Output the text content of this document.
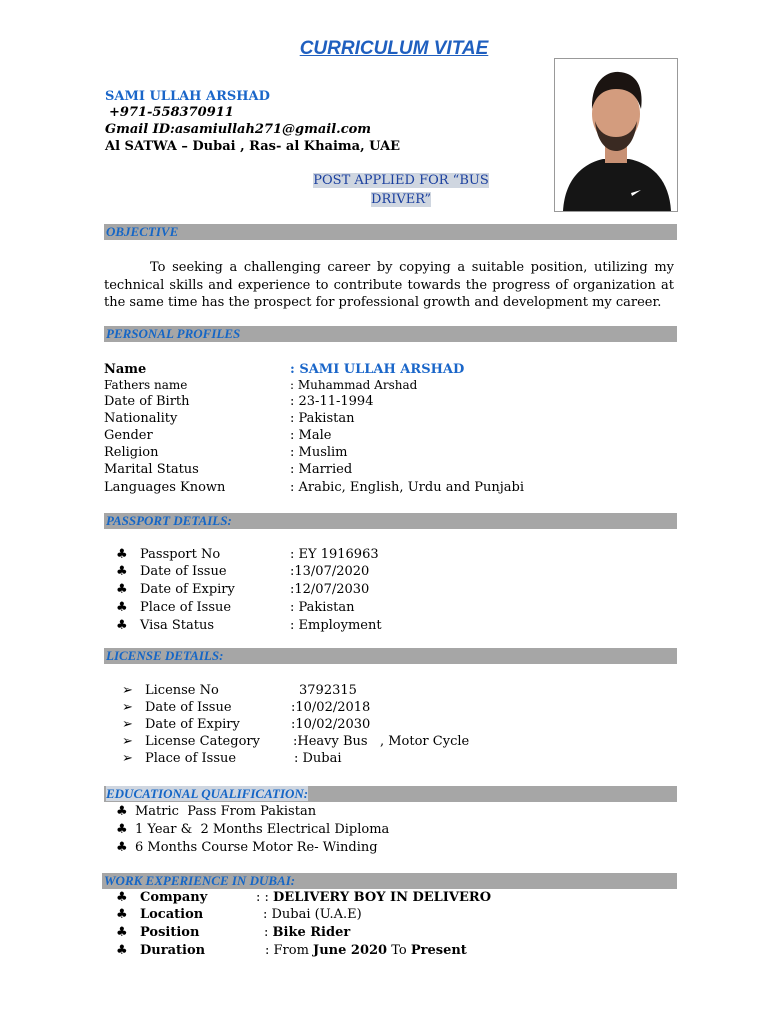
CURRICULUM VITAE
SAMI ULLAH ARSHAD
+971-558370911
Gmail ID:asamiullah271@gmail.com
Al SATWA – Dubai , Ras- al Khaima, UAE
POST APPLIED FOR “BUS
DRIVER”
OBJECTIVE
To seeking a challenging career by copying a suitable position, utilizing my technical skills and experience to contribute towards the progress of organization at the same time has the prospect for professional growth and development my career.
PERSONAL PROFILES
Name	: SAMI ULLAH ARSHAD
Fathers name	: Muhammad Arshad
Date of Birth	: 23-11-1994
Nationality	: Pakistan
Gender	: Male
Religion	: Muslim
Marital Status	: Married
Languages Known	: Arabic, English, Urdu and Punjabi
PASSPORT DETAILS:
♣ Passport No	: EY 1916963
♣ Date of Issue	:13/07/2020
♣ Date of Expiry	:12/07/2030
♣ Place of Issue	: Pakistan
♣ Visa Status	: Employment
LICENSE DETAILS:
➢ License No	3792315
➢ Date of Issue	:10/02/2018
➢ Date of Expiry	:10/02/2030
➢ License Category	:Heavy Bus   , Motor Cycle
➢ Place of Issue	: Dubai
EDUCATIONAL QUALIFICATION:
♣ Matric  Pass From Pakistan
♣ 1 Year &  2 Months Electrical Diploma
♣ 6 Months Course Motor Re- Winding
WORK EXPERIENCE IN DUBAI:
♣ Company	: : DELIVERY BOY IN DELIVERO
♣ Location	: Dubai (U.A.E)
♣ Position	: Bike Rider
♣ Duration	: From June 2020 To Present
